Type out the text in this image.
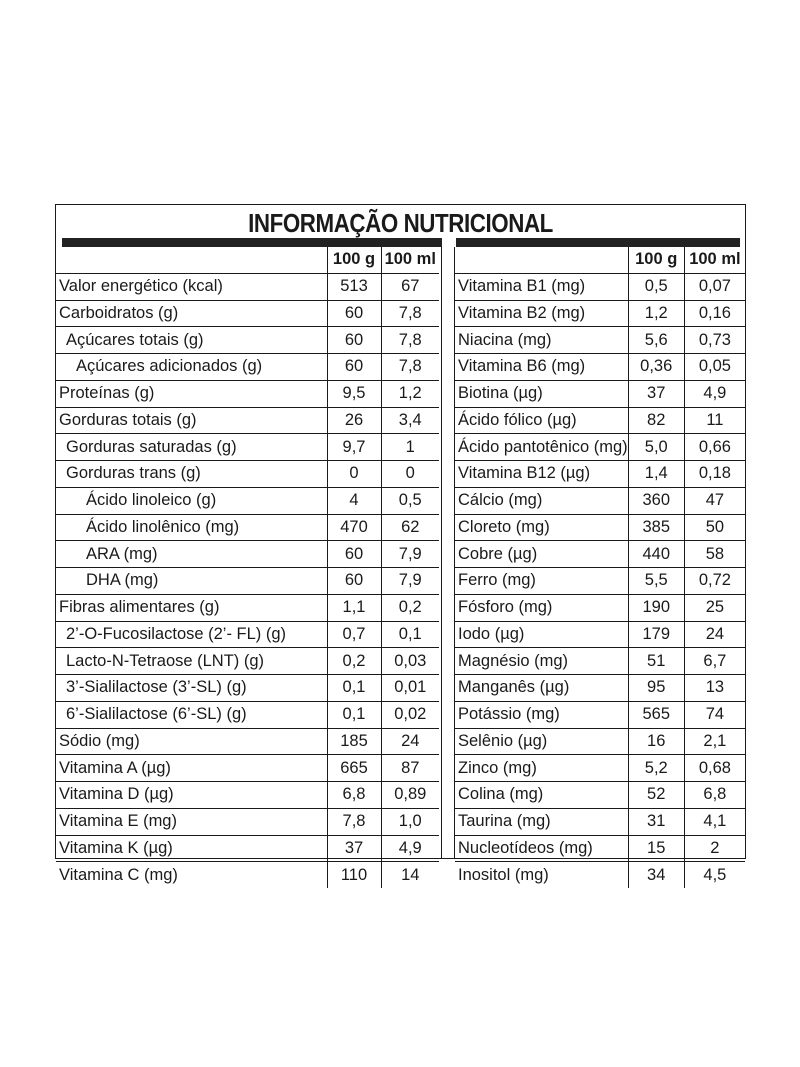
INFORMAÇÃO NUTRICIONAL
	100 g	100 ml
Valor energético (kcal)	513	67
Carboidratos (g)	60	7,8
Açúcares totais (g)	60	7,8
Açúcares adicionados (g)	60	7,8
Proteínas (g)	9,5	1,2
Gorduras totais (g)	26	3,4
Gorduras saturadas (g)	9,7	1
Gorduras trans (g)	0	0
Ácido linoleico (g)	4	0,5
Ácido linolênico (mg)	470	62
ARA (mg)	60	7,9
DHA (mg)	60	7,9
Fibras alimentares (g)	1,1	0,2
2’-O-Fucosilactose (2’- FL) (g)	0,7	0,1
Lacto-N-Tetraose (LNT) (g)	0,2	0,03
3’-Sialilactose (3’-SL) (g)	0,1	0,01
6’-Sialilactose (6’-SL) (g)	0,1	0,02
Sódio (mg)	185	24
Vitamina A (µg)	665	87
Vitamina D (µg)	6,8	0,89
Vitamina E (mg)	7,8	1,0
Vitamina K (µg)	37	4,9
Vitamina C (mg)	110	14
	100 g	100 ml
Vitamina B1 (mg)	0,5	0,07
Vitamina B2 (mg)	1,2	0,16
Niacina (mg)	5,6	0,73
Vitamina B6 (mg)	0,36	0,05
Biotina (µg)	37	4,9
Ácido fólico (µg)	82	11
Ácido pantotênico (mg)	5,0	0,66
Vitamina B12 (µg)	1,4	0,18
Cálcio (mg)	360	47
Cloreto (mg)	385	50
Cobre (µg)	440	58
Ferro (mg)	5,5	0,72
Fósforo (mg)	190	25
Iodo (µg)	179	24
Magnésio (mg)	51	6,7
Manganês (µg)	95	13
Potássio (mg)	565	74
Selênio (µg)	16	2,1
Zinco (mg)	5,2	0,68
Colina (mg)	52	6,8
Taurina (mg)	31	4,1
Nucleotídeos (mg)	15	2
Inositol (mg)	34	4,5
